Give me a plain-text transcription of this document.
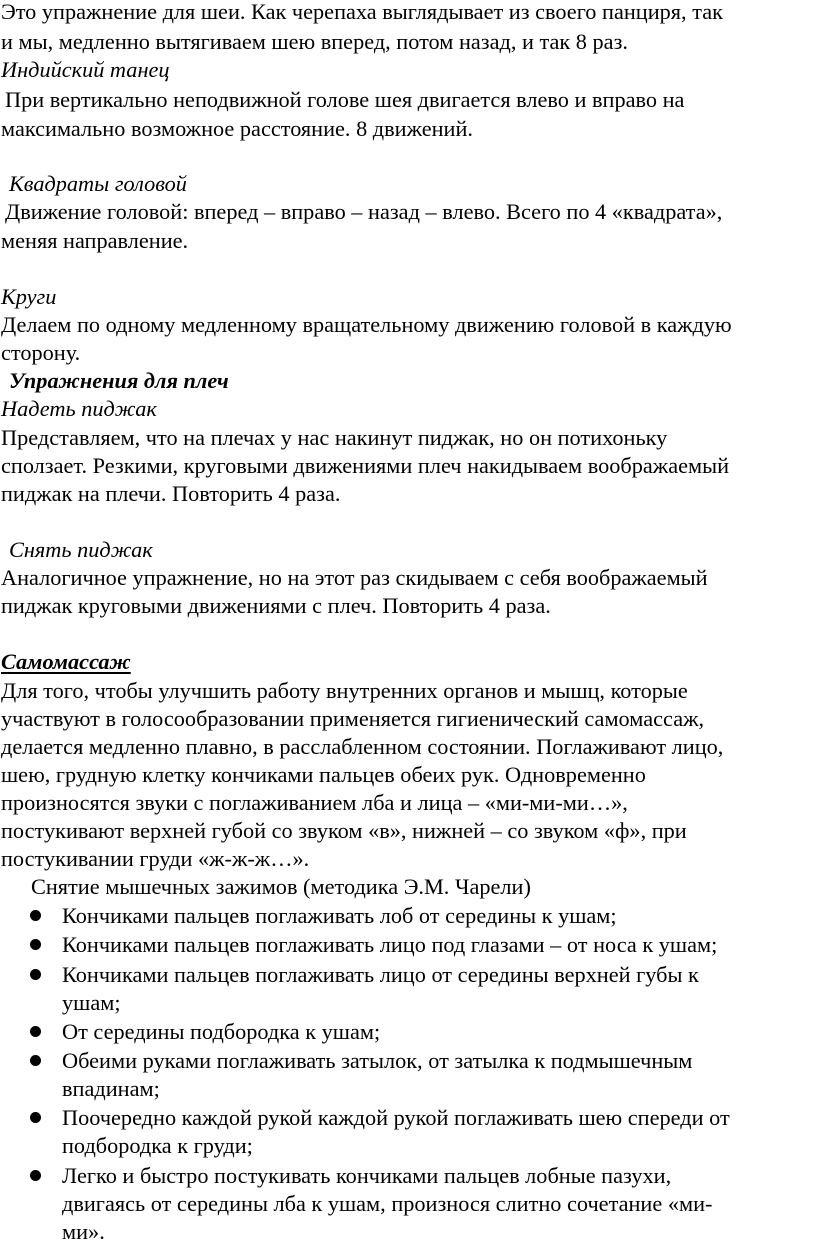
Это упражнение для шеи. Как черепаха выглядывает из своего панциря, так

и мы, медленно вытягиваем шею вперед, потом назад, и так 8 раз.

Индийский танец

При вертикально неподвижной голове шея двигается влево и вправо на

максимально возможное расстояние. 8 движений.

Квадраты головой

Движение головой: вперед – вправо – назад – влево. Всего по 4 «квадрата»,

меняя направление.

Круги

Делаем по одному медленному вращательному движению головой в каждую

сторону.

Упражнения для плеч

Надеть пиджак

Представляем, что на плечах у нас накинут пиджак, но он потихоньку

сползает. Резкими, круговыми движениями плеч накидываем воображаемый

пиджак на плечи. Повторить 4 раза.

Снять пиджак

Аналогичное упражнение, но на этот раз скидываем с себя воображаемый

пиджак круговыми движениями с плеч. Повторить 4 раза.

Самомассаж

Для того, чтобы улучшить работу внутренних органов и мышц, которые

участвуют в голосообразовании применяется гигиенический самомассаж,

делается медленно плавно, в расслабленном состоянии. Поглаживают лицо,

шею, грудную клетку кончиками пальцев обеих рук. Одновременно

произносятся звуки с поглаживанием лба и лица – «ми-ми-ми…»,

постукивают верхней губой со звуком «в», нижней – со звуком «ф», при

постукивании груди «ж-ж-ж…».

Снятие мышечных зажимов (методика Э.М. Чарели)

Кончиками пальцев поглаживать лоб от середины к ушам;

Кончиками пальцев поглаживать лицо под глазами – от носа к ушам;

Кончиками пальцев поглаживать лицо от середины верхней губы к

ушам;

От середины подбородка к ушам;

Обеими руками поглаживать затылок, от затылка к подмышечным

впадинам;

Поочередно каждой рукой каждой рукой поглаживать шею спереди от

подбородка к груди;

Легко и быстро постукивать кончиками пальцев лобные пазухи,

двигаясь от середины лба к ушам, произнося слитно сочетание «ми-

ми».
